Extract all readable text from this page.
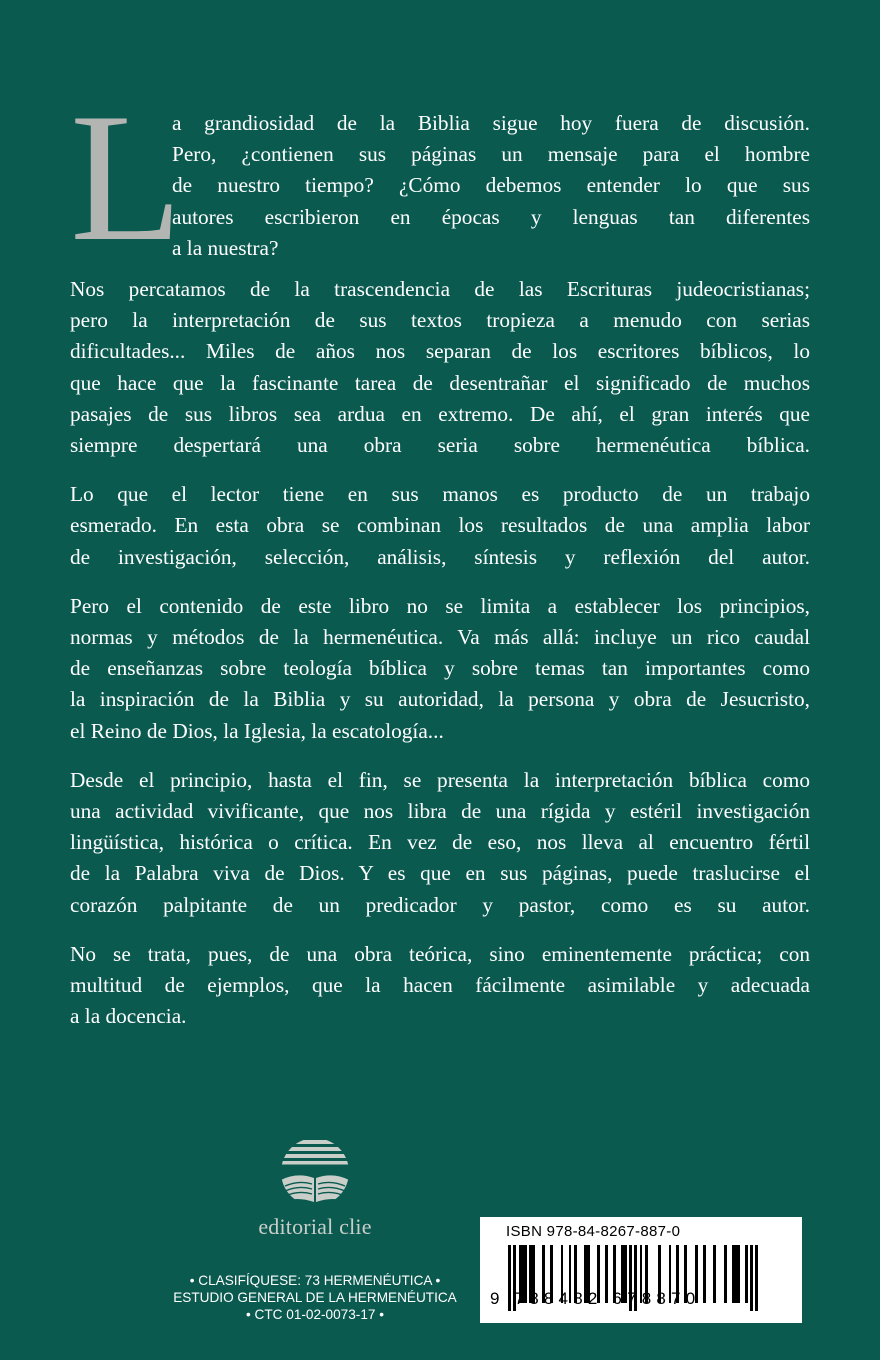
L
a grandiosidad de la Biblia sigue hoy fuera de discusión.
Pero, ¿contienen sus páginas un mensaje para el hombre
de nuestro tiempo? ¿Cómo debemos entender lo que sus
autores escribieron en épocas y lenguas tan diferentes
a la nuestra?

Nos percatamos de la trascendencia de las Escrituras judeocristianas;
pero la interpretación de sus textos tropieza a menudo con serias
dificultades... Miles de años nos separan de los escritores bíblicos, lo
que hace que la fascinante tarea de desentrañar el significado de muchos
pasajes de sus libros sea ardua en extremo. De ahí, el gran interés que
siempre despertará una obra seria sobre hermenéutica bíblica.

Lo que el lector tiene en sus manos es producto de un trabajo
esmerado. En esta obra se combinan los resultados de una amplia labor
de investigación, selección, análisis, síntesis y reflexión del autor.

Pero el contenido de este libro no se limita a establecer los principios,
normas y métodos de la hermenéutica. Va más allá: incluye un rico caudal
de enseñanzas sobre teología bíblica y sobre temas tan importantes como
la inspiración de la Biblia y su autoridad, la persona y obra de Jesucristo,
el Reino de Dios, la Iglesia, la escatología...

Desde el principio, hasta el fin, se presenta la interpretación bíblica como
una actividad vivificante, que nos libra de una rígida y estéril investigación
lingüística, histórica o crítica. En vez de eso, nos lleva al encuentro fértil
de la Palabra viva de Dios. Y es que en sus páginas, puede traslucirse el
corazón palpitante de un predicador y pastor, como es su autor.

No se trata, pues, de una obra teórica, sino eminentemente práctica; con
multitud de ejemplos, que la hacen fácilmente asimilable y adecuada
a la docencia.

editorial clie
• CLASIFÍQUESE: 73 HERMENÉUTICA •
ESTUDIO GENERAL DE LA HERMENÉUTICA
• CTC 01-02-0073-17 •
ISBN 978-84-8267-887-0
9 788482 678870
